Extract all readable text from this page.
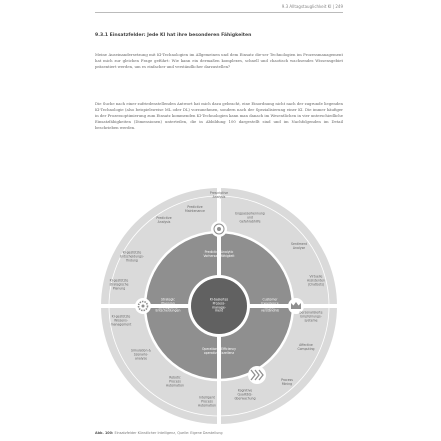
9.3 Alltagstauglichkeit KI | 249
9.3.1 Einsatzfelder: Jede KI hat ihre besonderen Fähigkeiten
Meine Auseinandersetzung mit KI-Technologien im Allgemeinen und dem Einsatz die-ser Technologien im Prozessmanagement hat mich zur gleichen Frage geführt: Wie kann ein dermaßen komplexes, schnell und chaotisch wachsendes Wissensgebiet präsentiert werden, um es einfacher und verständlicher darzustellen?
Die Suche nach einer zufriedenstellenden Antwort hat mich dazu gebracht, eine Einordnung nicht nach der zugrunde liegenden KI-Technologie (also beispielsweise ML oder DL) vorzunehmen, sondern nach der Spezialisierung einer KI. Die immer häufiger in der Prozessoptimierung zum Einsatz kommenden KI-Technologien kann man danach im Wesentlichen in vier unterschiedliche Einsatzfähigkeiten (Dimensionen) unterteilen, die in Abbildung 100 dargestellt sind und im Nachfolgenden im Detail beschrieben werden.
KI-basiertes
Prozess-
manage-
ment
Predictive Analytic
Vorhersagefähigkeit
Customer
Experience
Kunden-
verständnis
Operational Efficiency
operative Exzellenz
Strategic
Planning
strategische
Entscheidungen
Prescriptive
Analysis
Predictive
Maintenance
Engpasserkennung
und
Gefahrabhilfe
Predictive
Analysis
Sentiment
Analyse
Virtuelle
Assistenten
(Chatbots)
personalisierte
Empfehlungs-
systeme
Affective
Computing
Process
Mining
Kognitive
Qualitäts-
überwachung
Intelligent
Process
Automation
Robotic
Process
Automation
Simulation &
Szenario-
analyse
KI-gestützte
Wissens-
management
KI-gestützte
strategische
Planung
KI-gestützte
Entscheidungs-
findung
Abb. 100: Einsatzfelder Künstlicher Intelligenz, Quelle: Eigene Darstellung
